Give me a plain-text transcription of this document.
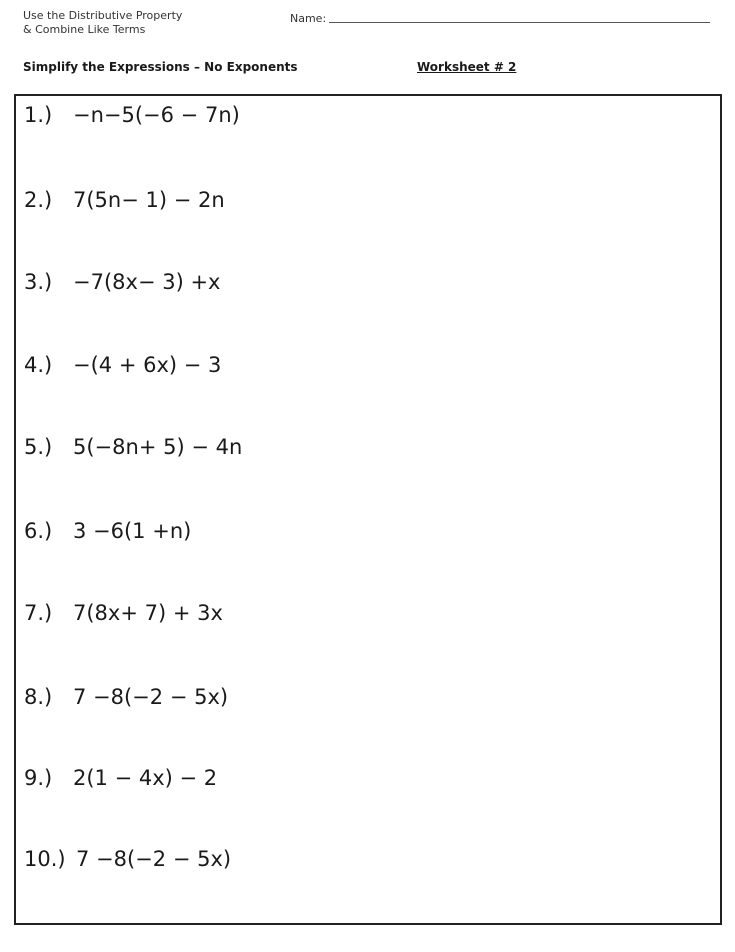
Use the Distributive Property
& Combine Like Terms
Name:
Simplify the Expressions – No Exponents	Worksheet # 2
1.) −n−5(−6 − 7n)
2.) 7(5n− 1) − 2n
3.) −7(8x− 3) +x
4.) −(4 + 6x) − 3
5.) 5(−8n+ 5) − 4n
6.) 3 −6(1 +n)
7.) 7(8x+ 7) + 3x
8.) 7 −8(−2 − 5x)
9.) 2(1 − 4x) − 2
10.) 7 −8(−2 − 5x)
